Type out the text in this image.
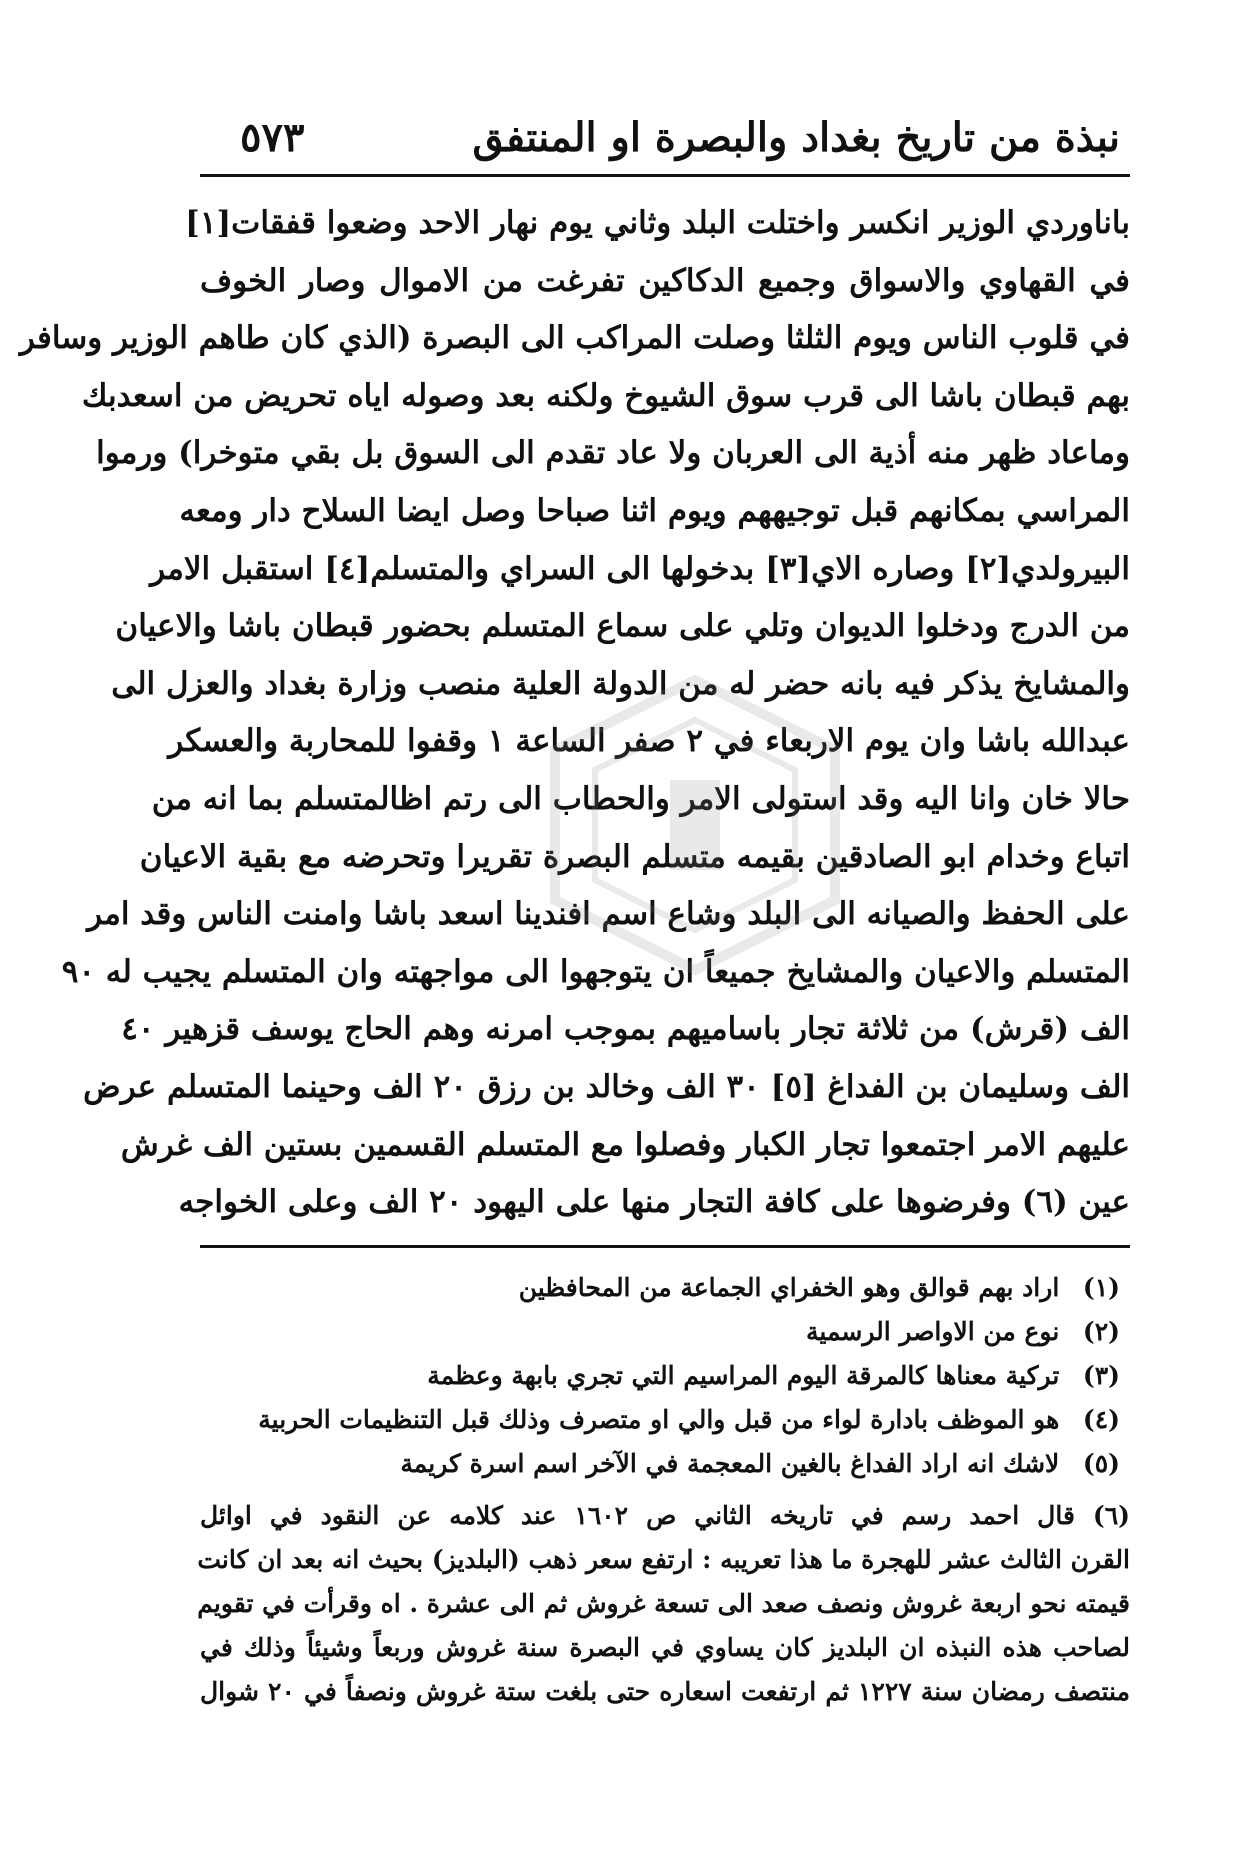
٥٧٣	نبذة من تاريخ بغداد والبصرة او المنتفق
باناوردي الوزير انكسر واختلت البلد وثاني يوم نهار الاحد وضعوا قفقات[١]
في القهاوي والاسواق وجميع الدكاكين تفرغت من الاموال وصار الخوف
في قلوب الناس ويوم الثلثا وصلت المراكب الى البصرة (الذي كان طاهم الوزير وسافر
بهم قبطان باشا الى قرب سوق الشيوخ ولكنه بعد وصوله اياه تحريض من اسعدبك
وماعاد ظهر منه أذية الى العربان ولا عاد تقدم الى السوق بل بقي متوخرا) ورموا
المراسي بمكانهم قبل توجيههم ويوم اثنا صباحا وصل ايضا السلاح دار ومعه
البيرولدي[٢] وصاره الاي[٣] بدخولها الى السراي والمتسلم[٤] استقبل الامر
من الدرج ودخلوا الديوان وتلي على سماع المتسلم بحضور قبطان باشا والاعيان
والمشايخ يذكر فيه بانه حضر له من الدولة العلية منصب وزارة بغداد والعزل الى
عبدالله باشا وان يوم الاربعاء في ٢ صفر الساعة ١ وقفوا للمحاربة والعسكر
حالا خان وانا اليه وقد استولى الامر والحطاب الى رتم اظالمتسلم بما انه من
اتباع وخدام ابو الصادقين بقيمه متسلم البصرة تقريرا وتحرضه مع بقية الاعيان
على الحفظ والصيانه الى البلد وشاع اسم افندينا اسعد باشا وامنت الناس وقد امر
المتسلم والاعيان والمشايخ جميعاً ان يتوجهوا الى مواجهته وان المتسلم يجيب له ٩٠
الف (قرش) من ثلاثة تجار باساميهم بموجب امرنه وهم الحاج يوسف قزهير ٤٠
الف وسليمان بن الفداغ [٥] ٣٠ الف وخالد بن رزق ٢٠ الف وحينما المتسلم عرض
عليهم الامر اجتمعوا تجار الكبار وفصلوا مع المتسلم القسمين بستين الف غرش
عين (٦) وفرضوها على كافة التجار منها على اليهود ٢٠ الف وعلى الخواجه
(١) اراد بهم قوالق وهو الخفراي الجماعة من المحافظين
(٢) نوع من الاواصر الرسمية
(٣) تركية معناها كالمرقة اليوم المراسيم التي تجري بابهة وعظمة
(٤) هو الموظف بادارة لواء من قبل والي او متصرف وذلك قبل التنظيمات الحربية
(٥) لاشك انه اراد الفداغ بالغين المعجمة في الآخر اسم اسرة كريمة
(٦) قال احمد رسم في تاريخه الثاني ص ١٦٠٢ عند كلامه عن النقود في اوائل
القرن الثالث عشر للهجرة ما هذا تعريبه : ارتفع سعر ذهب (البلديز) بحيث انه بعد ان كانت
قيمته نحو اربعة غروش ونصف صعد الى تسعة غروش ثم الى عشرة . اه وقرأت في تقويم
لصاحب هذه النبذه ان البلديز كان يساوي في البصرة سنة غروش وربعاً وشيئاً وذلك في
منتصف رمضان سنة ١٢٢٧ ثم ارتفعت اسعاره حتى بلغت ستة غروش ونصفاً في ٢٠ شوال
